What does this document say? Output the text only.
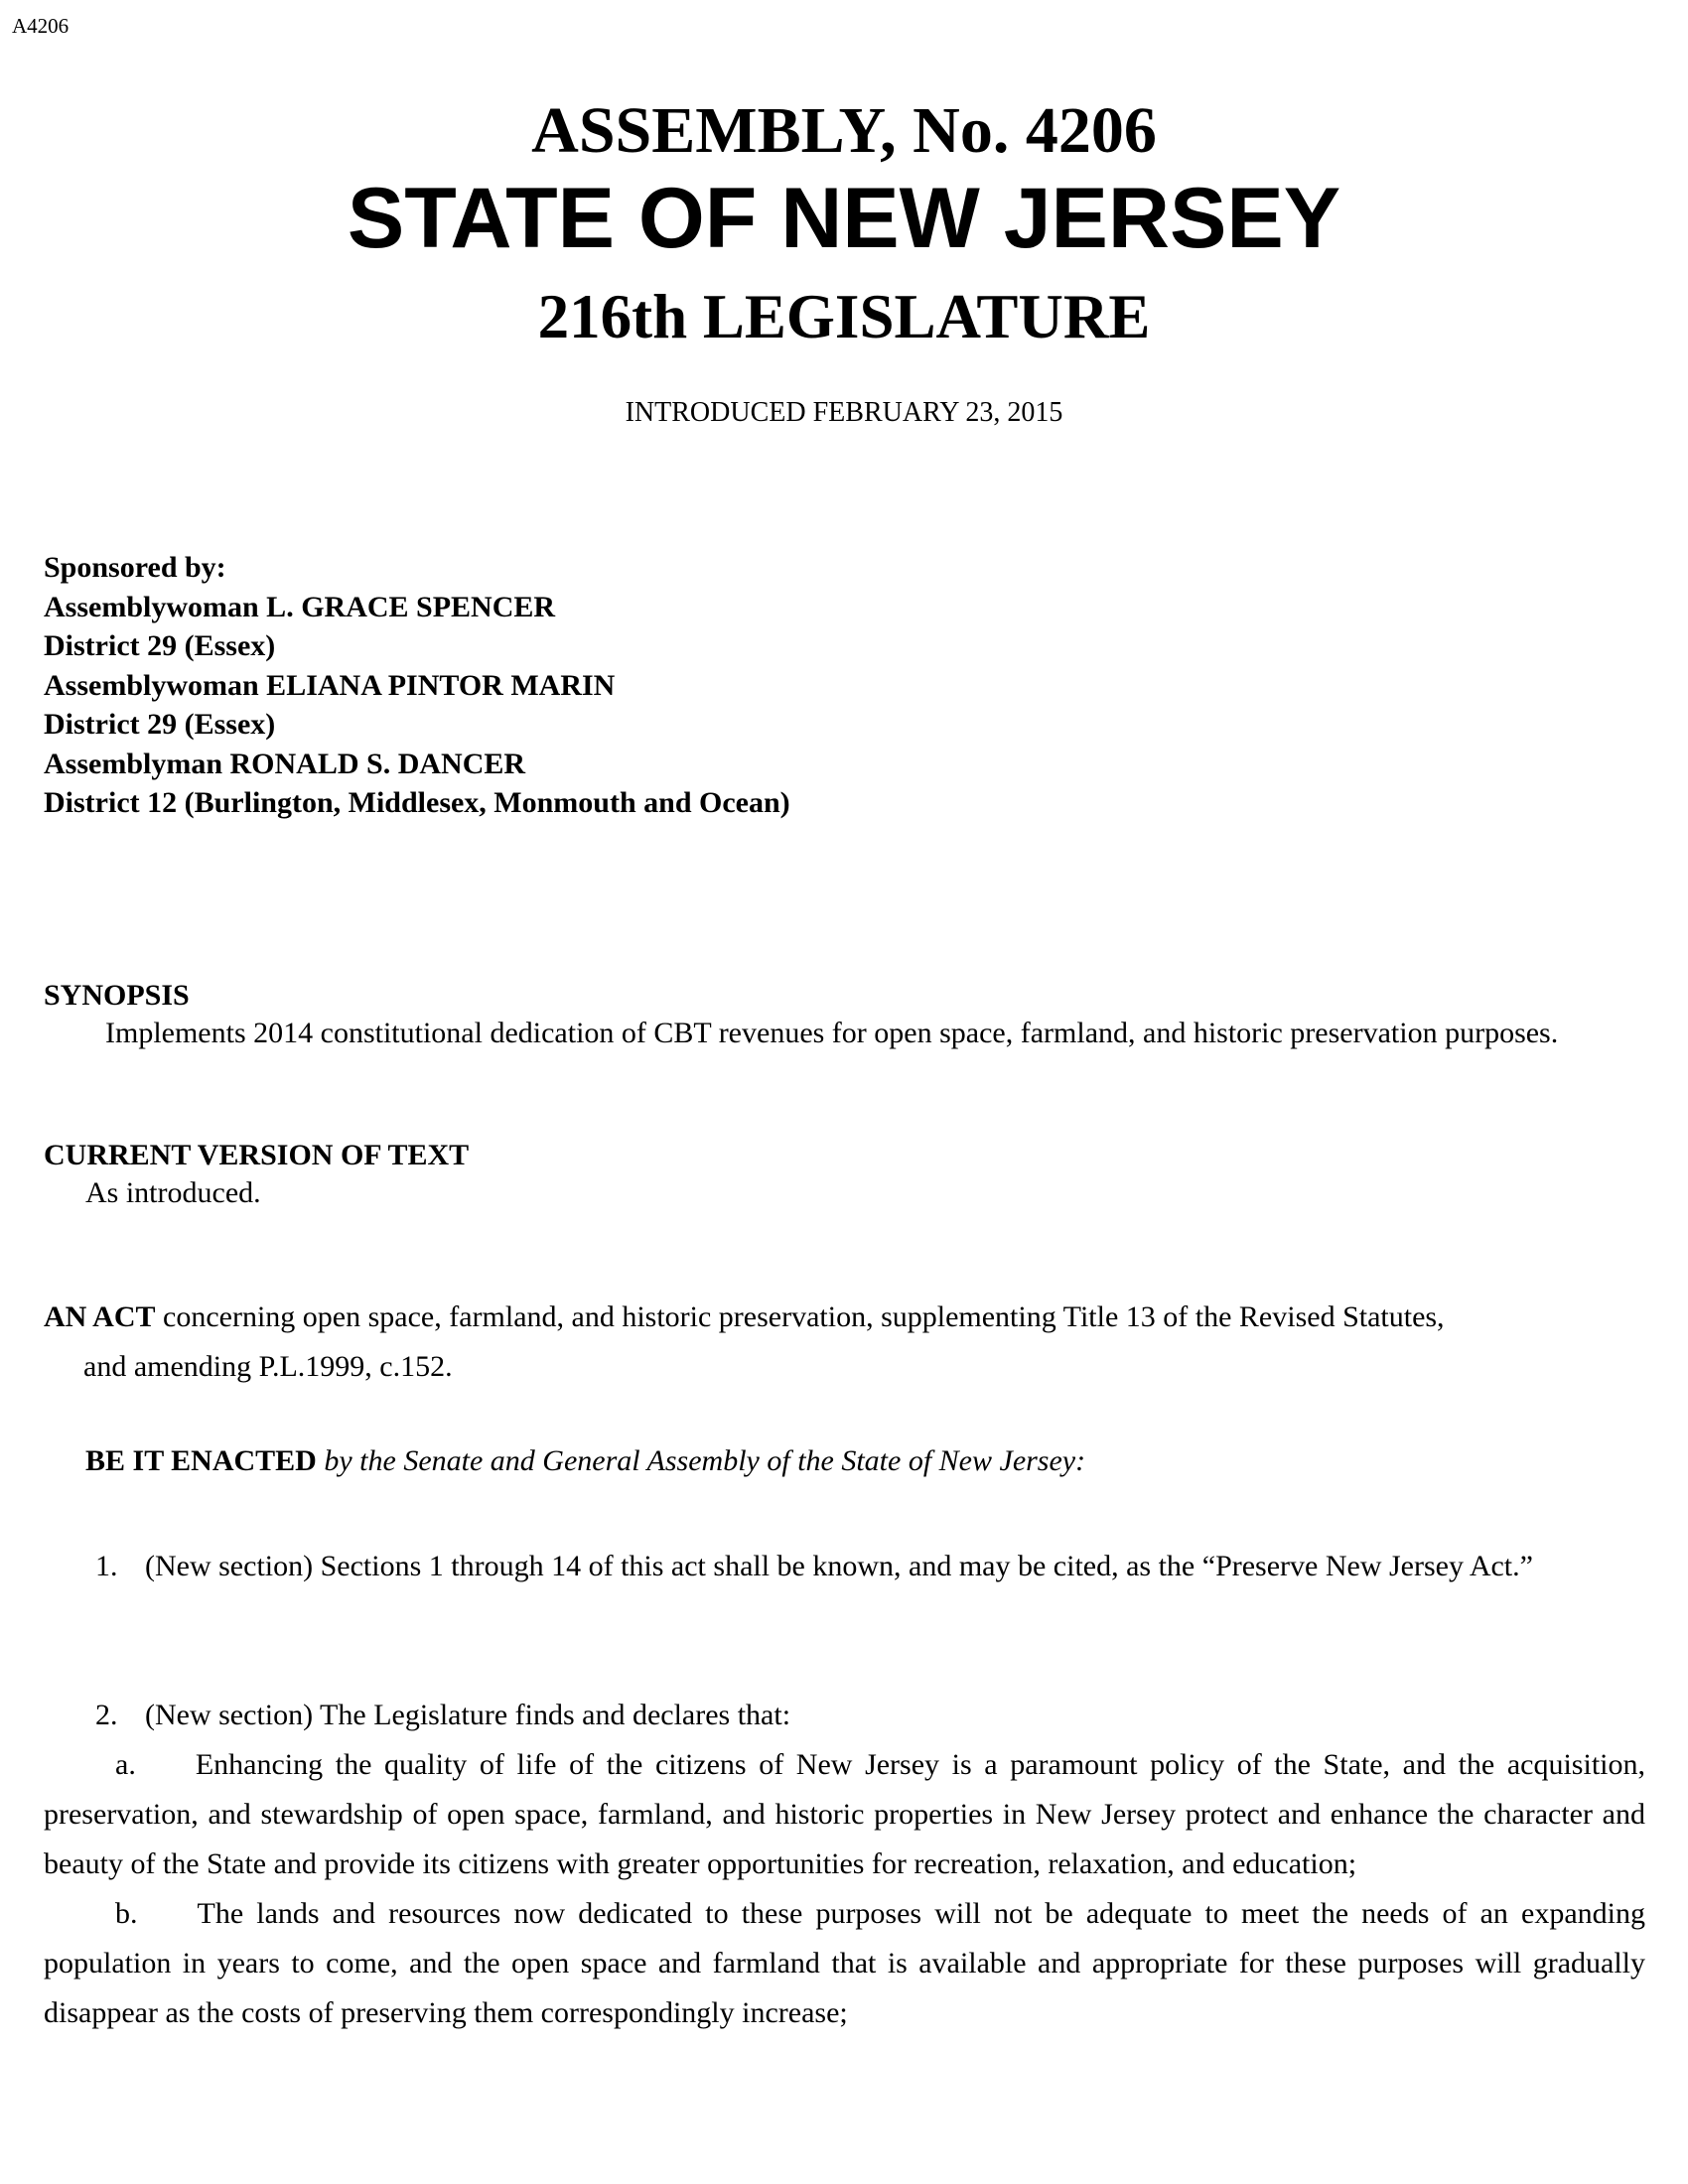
A4206
ASSEMBLY, No. 4206
STATE OF NEW JERSEY
216th LEGISLATURE
INTRODUCED FEBRUARY 23, 2015
Sponsored by:
Assemblywoman L. GRACE SPENCER
District 29 (Essex)
Assemblywoman ELIANA PINTOR MARIN
District 29 (Essex)
Assemblyman RONALD S. DANCER
District 12 (Burlington, Middlesex, Monmouth and Ocean)
SYNOPSIS
Implements 2014 constitutional dedication of CBT revenues for open space, farmland, and historic preservation purposes.
CURRENT VERSION OF TEXT
As introduced.
AN ACT concerning open space, farmland, and historic preservation, supplementing Title 13 of the Revised Statutes,
and amending P.L.1999, c.152.
BE IT ENACTED by the Senate and General Assembly of the State of New Jersey:
1. (New section) Sections 1 through 14 of this act shall be known, and may be cited, as the “Preserve New Jersey Act.”
2. (New section) The Legislature finds and declares that:
a. Enhancing the quality of life of the citizens of New Jersey is a paramount policy of the State, and the acquisition, preservation, and stewardship of open space, farmland, and historic properties in New Jersey protect and enhance the character and beauty of the State and provide its citizens with greater opportunities for recreation, relaxation, and education;
b. The lands and resources now dedicated to these purposes will not be adequate to meet the needs of an expanding population in years to come, and the open space and farmland that is available and appropriate for these purposes will gradually disappear as the costs of preserving them correspondingly increase;
